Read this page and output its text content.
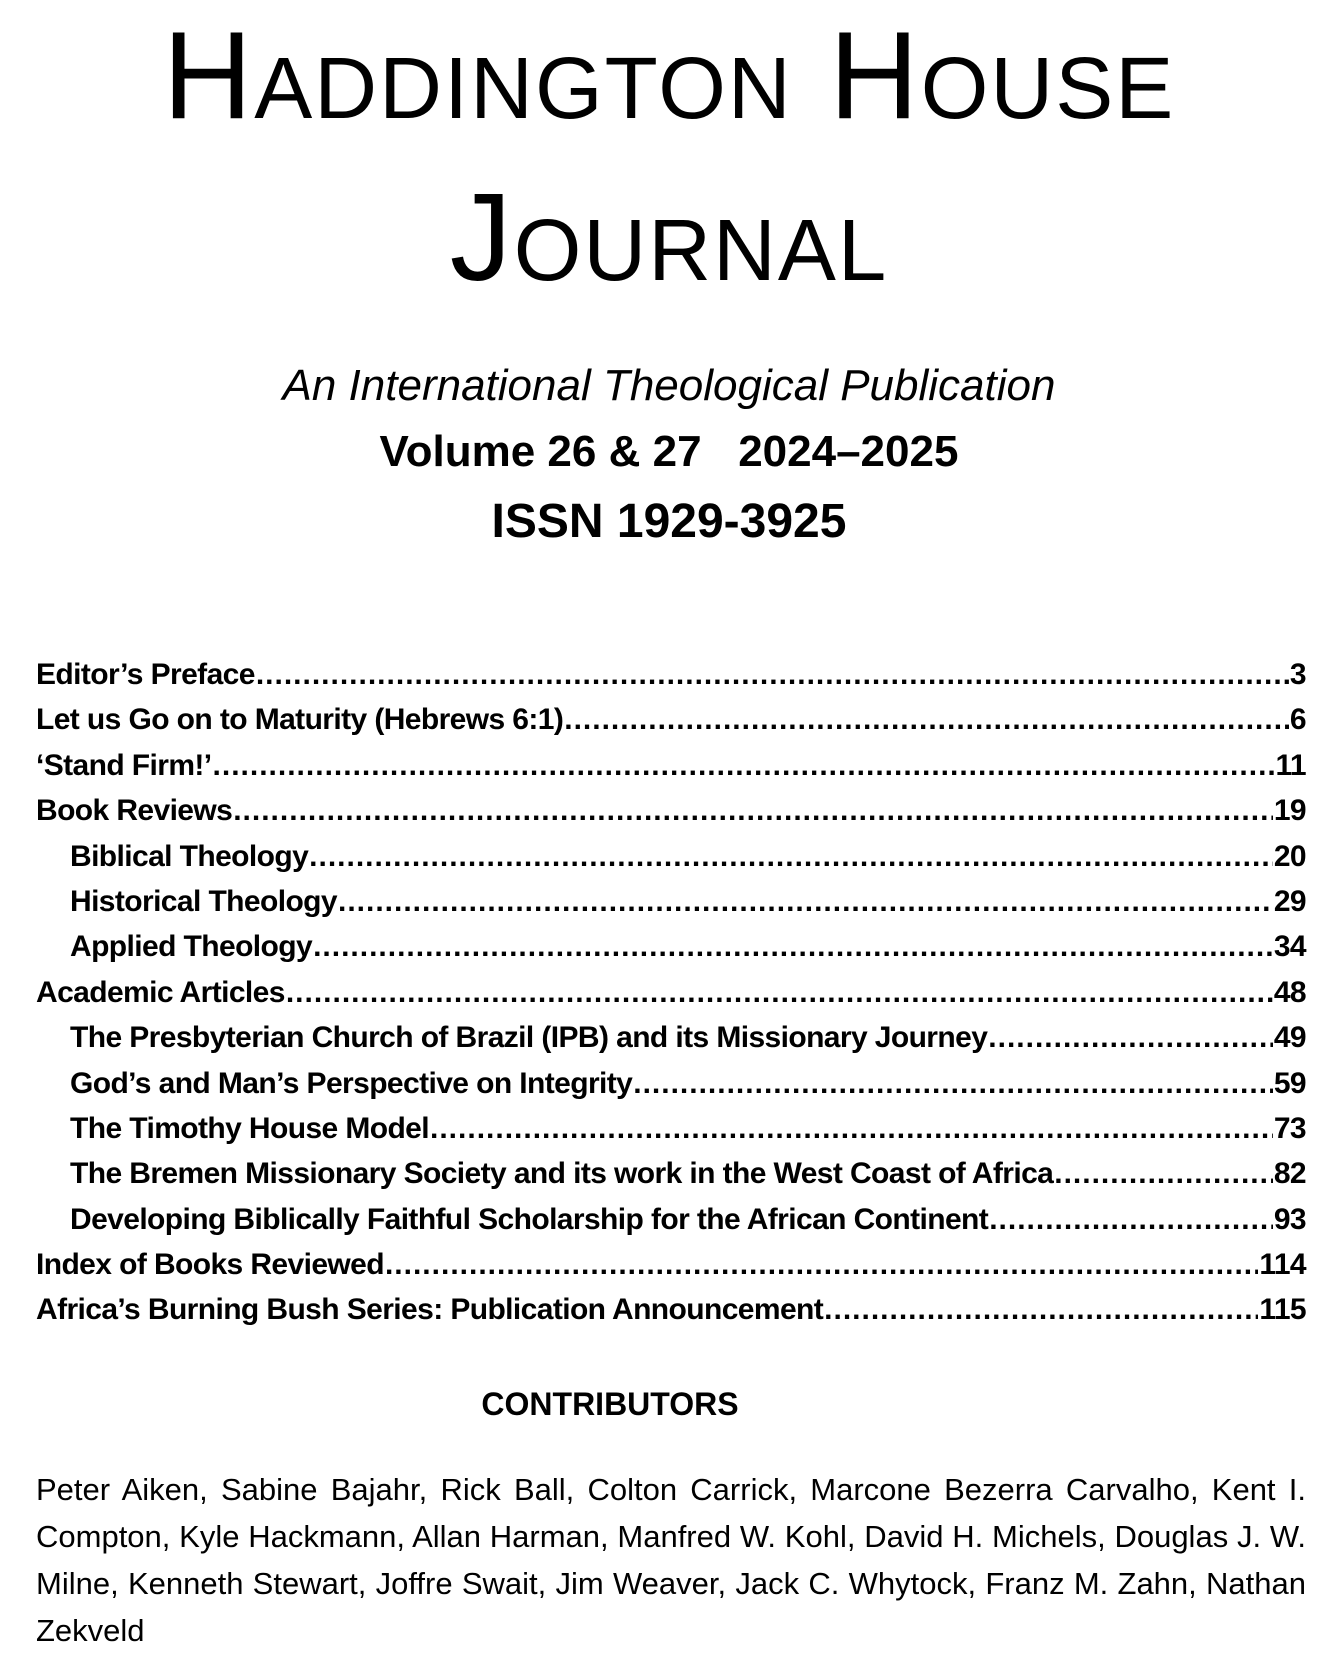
Haddington House
Journal
An International Theological Publication
Volume 26 & 27   2024–2025
ISSN 1929-3925
Editor’s Preface .....	3
Let us Go on to Maturity (Hebrews 6:1) .....	6
‘Stand Firm!’ .....	11
Book Reviews .....	19
Biblical Theology .....	20
Historical Theology .....	29
Applied Theology .....	34
Academic Articles .....	48
The Presbyterian Church of Brazil (IPB) and its Missionary Journey .....	49
God’s and Man’s Perspective on Integrity .....	59
The Timothy House Model .....	73
The Bremen Missionary Society and its work in the West Coast of Africa .....	82
Developing Biblically Faithful Scholarship for the African Continent .....	93
Index of Books Reviewed .....	114
Africa’s Burning Bush Series: Publication Announcement .....	115
CONTRIBUTORS
Peter Aiken, Sabine Bajahr, Rick Ball, Colton Carrick, Marcone Bezerra Carvalho, Kent I. Compton, Kyle Hackmann, Allan Harman, Manfred W. Kohl, David H. Michels, Douglas J. W. Milne, Kenneth Stewart, Joffre Swait, Jim Weaver, Jack C. Whytock, Franz M. Zahn, Nathan Zekveld
